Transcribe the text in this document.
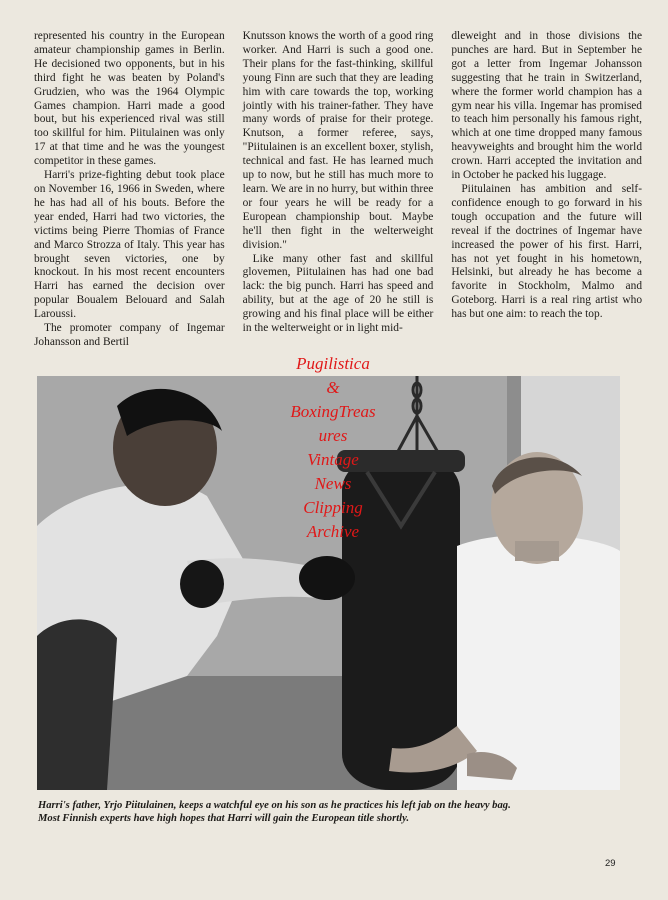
represented his country in the European amateur championship games in Berlin. He decisioned two opponents, but in his third fight he was beaten by Poland's Grudzien, who was the 1964 Olympic Games champion. Harri made a good bout, but his experienced rival was still too skillful for him. Piitulainen was only 17 at that time and he was the youngest competitor in these games.

Harri's prize-fighting debut took place on November 16, 1966 in Sweden, where he has had all of his bouts. Before the year ended, Harri had two victories, the victims being Pierre Thomias of France and Marco Strozza of Italy. This year has brought seven victories, one by knockout. In his most recent encounters Harri has earned the decision over popular Boualem Belouard and Salah Laroussi.

The promoter company of Ingemar Johansson and Bertil

Knutsson knows the worth of a good ring worker. And Harri is such a good one. Their plans for the fast-thinking, skillful young Finn are such that they are leading him with care towards the top, working jointly with his trainer-father. They have many words of praise for their protege. Knutson, a former referee, says, "Piitulainen is an excellent boxer, stylish, technical and fast. He has learned much up to now, but he still has much more to learn. We are in no hurry, but within three or four years he will be ready for a European championship bout. Maybe he'll then fight in the welterweight division."

Like many other fast and skillful glovemen, Piitulainen has had one bad lack: the big punch. Harri has speed and ability, but at the age of 20 he still is growing and his final place will be either in the welterweight or in light mid-

dleweight and in those divisions the punches are hard. But in September he got a letter from Ingemar Johansson suggesting that he train in Switzerland, where the former world champion has a gym near his villa. Ingemar has promised to teach him personally his famous right, which at one time dropped many famous heavyweights and brought him the world crown. Harri accepted the invitation and in October he packed his luggage.

Piitulainen has ambition and self-confidence enough to go forward in his tough occupation and the future will reveal if the doctrines of Ingemar have increased the power of his first. Harri, has not yet fought in his hometown, Helsinki, but already he has become a favorite in Stockholm, Malmo and Goteborg. Harri is a real ring artist who has but one aim: to reach the top.

Pugilistica
&
BoxingTreas
ures
Vintage
News
Clipping
Archive
Harri's father, Yrjo Piitulainen, keeps a watchful eye on his son as he practices his left jab on the heavy bag.
Most Finnish experts have high hopes that Harri will gain the European title shortly.
29
